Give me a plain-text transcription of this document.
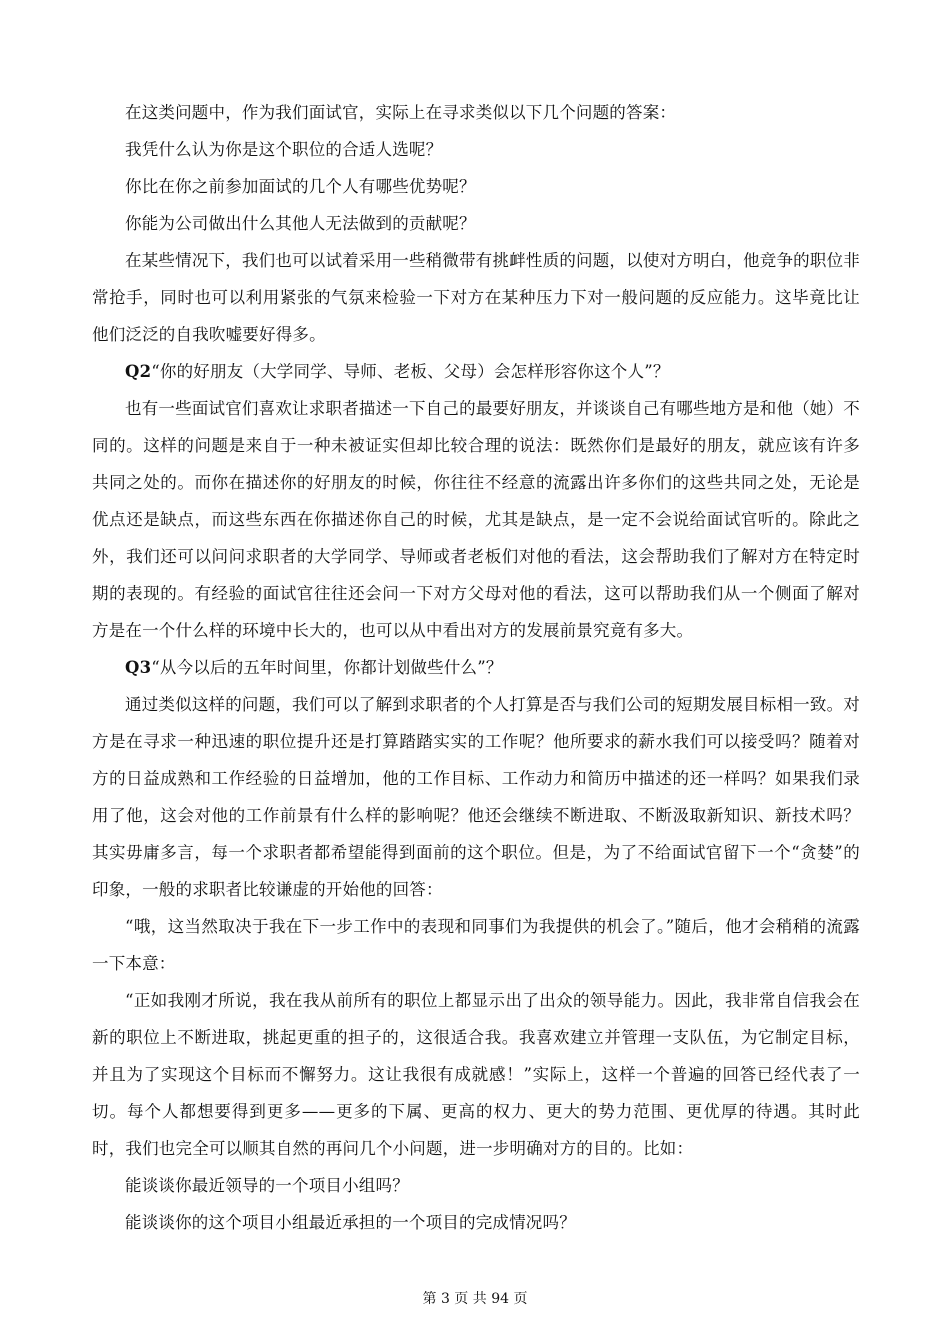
在这类问题中，作为我们面试官，实际上在寻求类似以下几个问题的答案：

我凭什么认为你是这个职位的合适人选呢？

你比在你之前参加面试的几个人有哪些优势呢？

你能为公司做出什么其他人无法做到的贡献呢？

在某些情况下，我们也可以试着采用一些稍微带有挑衅性质的问题，以使对方明白，他竞争的职位非常抢手，同时也可以利用紧张的气氛来检验一下对方在某种压力下对一般问题的反应能力。这毕竟比让他们泛泛的自我吹嘘要好得多。

Q2“你的好朋友（大学同学、导师、老板、父母）会怎样形容你这个人”？

也有一些面试官们喜欢让求职者描述一下自己的最要好朋友，并谈谈自己有哪些地方是和他（她）不同的。这样的问题是来自于一种未被证实但却比较合理的说法：既然你们是最好的朋友，就应该有许多共同之处的。而你在描述你的好朋友的时候，你往往不经意的流露出许多你们的这些共同之处，无论是优点还是缺点，而这些东西在你描述你自己的时候，尤其是缺点，是一定不会说给面试官听的。除此之外，我们还可以问问求职者的大学同学、导师或者老板们对他的看法，这会帮助我们了解对方在特定时期的表现的。有经验的面试官往往还会问一下对方父母对他的看法，这可以帮助我们从一个侧面了解对方是在一个什么样的环境中长大的，也可以从中看出对方的发展前景究竟有多大。

Q3“从今以后的五年时间里，你都计划做些什么”？

通过类似这样的问题，我们可以了解到求职者的个人打算是否与我们公司的短期发展目标相一致。对方是在寻求一种迅速的职位提升还是打算踏踏实实的工作呢？他所要求的薪水我们可以接受吗？随着对方的日益成熟和工作经验的日益增加，他的工作目标、工作动力和简历中描述的还一样吗？如果我们录用了他，这会对他的工作前景有什么样的影响呢？他还会继续不断进取、不断汲取新知识、新技术吗？其实毋庸多言，每一个求职者都希望能得到面前的这个职位。但是，为了不给面试官留下一个“贪婪”的印象，一般的求职者比较谦虚的开始他的回答：

“哦，这当然取决于我在下一步工作中的表现和同事们为我提供的机会了。”随后，他才会稍稍的流露一下本意：

“正如我刚才所说，我在我从前所有的职位上都显示出了出众的领导能力。因此，我非常自信我会在新的职位上不断进取，挑起更重的担子的，这很适合我。我喜欢建立并管理一支队伍，为它制定目标，并且为了实现这个目标而不懈努力。这让我很有成就感！”实际上，这样一个普遍的回答已经代表了一切。每个人都想要得到更多——更多的下属、更高的权力、更大的势力范围、更优厚的待遇。其时此时，我们也完全可以顺其自然的再问几个小问题，进一步明确对方的目的。比如：

能谈谈你最近领导的一个项目小组吗？

能谈谈你的这个项目小组最近承担的一个项目的完成情况吗？

第 3 页 共 94 页
